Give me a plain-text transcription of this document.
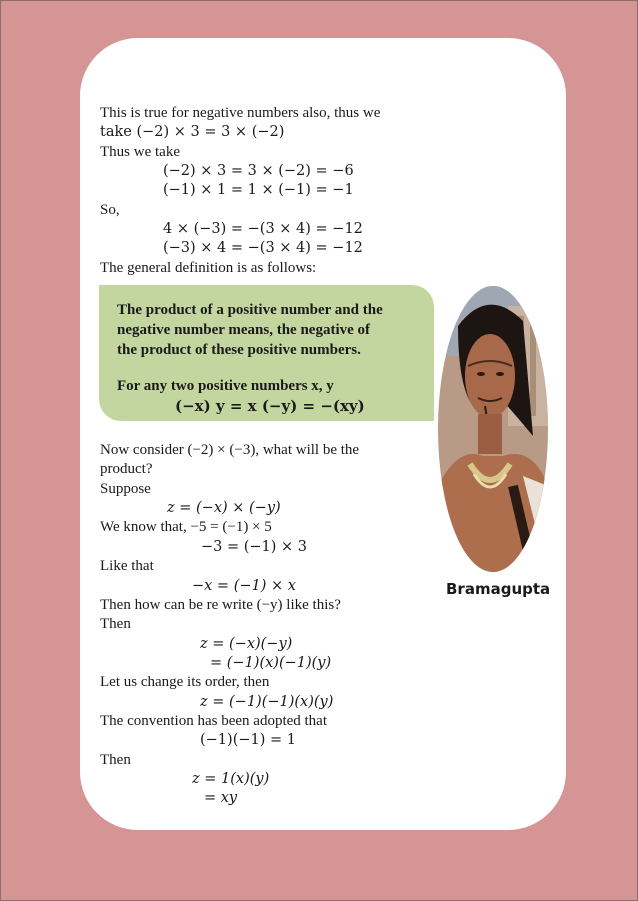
This is true for negative numbers also, thus we
take (−2) × 3 = 3 × (−2)
Thus we take
(−2) × 3 = 3 × (−2) = −6
(−1) × 1 = 1 × (−1) = −1
So,
4 × (−3) = −(3 × 4) = −12
(−3) × 4 = −(3 × 4) = −12
The general definition is as follows:
The product of a positive number and the
negative number means, the negative of
the product of these positive numbers.
For any two positive numbers x, y
(−x) y = x (−y) = −(xy)
Bramagupta
Now consider (−2) × (−3), what will be the
product?
Suppose
z = (−x) × (−y)
We know that, −5 = (−1) × 5
−3 = (−1) × 3
Like that
−x = (−1) × x
Then how can be re write (−y) like this?
Then
z = (−x)(−y)
= (−1)(x)(−1)(y)
Let us change its order, then
z = (−1)(−1)(x)(y)
The convention has been adopted that
(−1)(−1) = 1
Then
z = 1(x)(y)
= xy
